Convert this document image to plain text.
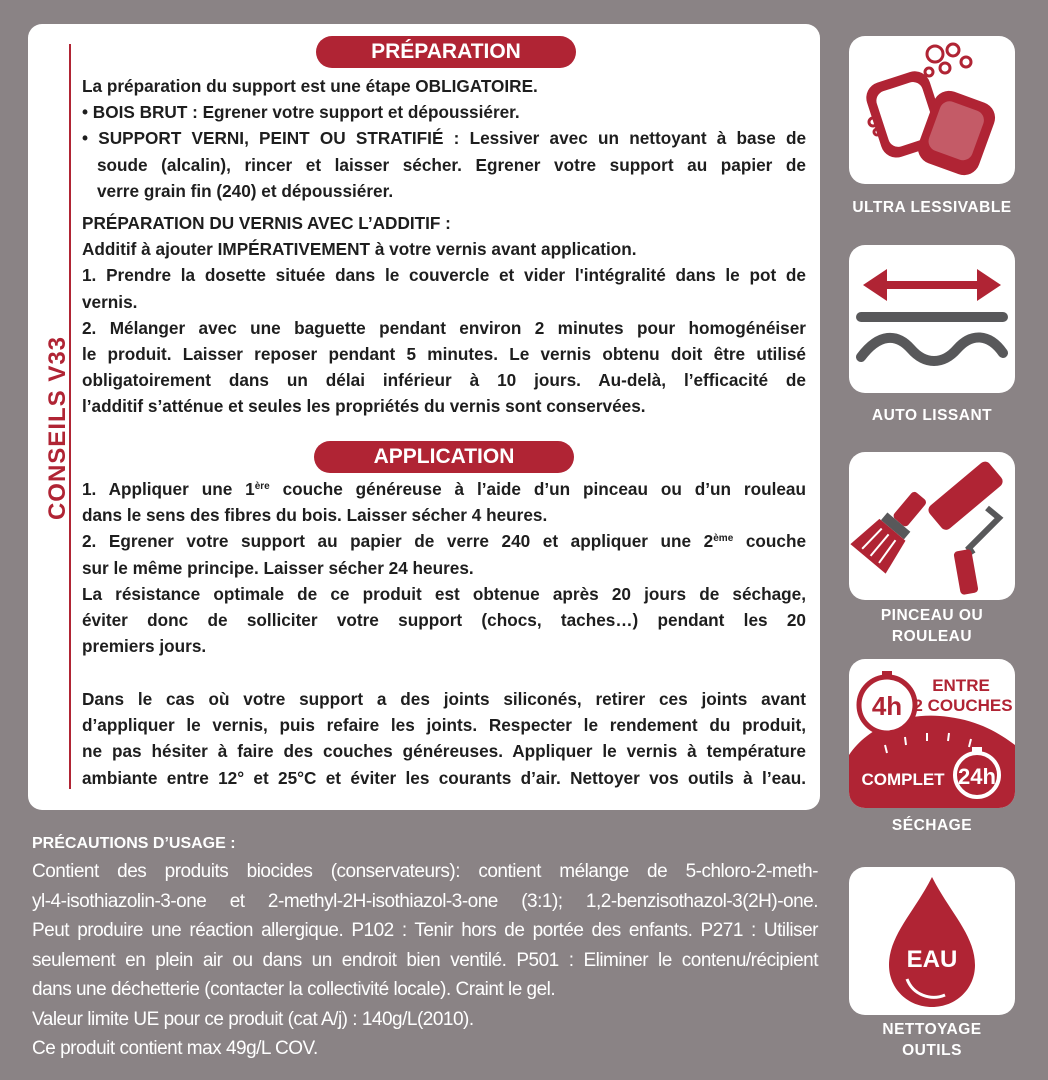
CONSEILS V33
PRÉPARATION
La préparation du support est une étape OBLIGATOIRE.
• BOIS BRUT : Egrener votre support et dépoussiérer.
• SUPPORT VERNI, PEINT OU STRATIFIÉ : Lessiver avec un nettoyant à base de
soude (alcalin), rincer et laisser sécher. Egrener votre support au papier de
verre grain fin (240) et dépoussiérer.
PRÉPARATION DU VERNIS AVEC L’ADDITIF :
Additif à ajouter IMPÉRATIVEMENT à votre vernis avant application.
1. Prendre la dosette située dans le couvercle et vider l'intégralité dans le pot de
vernis.
2. Mélanger avec une baguette pendant environ 2 minutes pour homogénéiser
le produit. Laisser reposer pendant 5 minutes. Le vernis obtenu doit être utilisé
obligatoirement dans un délai inférieur à 10 jours. Au-delà, l’efficacité de
l’additif s’atténue et seules les propriétés du vernis sont conservées.
APPLICATION
1. Appliquer une 1ère couche généreuse à l’aide d’un pinceau ou d’un rouleau
dans le sens des fibres du bois. Laisser sécher 4 heures.
2. Egrener votre support au papier de verre 240 et appliquer une 2ème couche
sur le même principe. Laisser sécher 24 heures.
La résistance optimale de ce produit est obtenue après 20 jours de séchage,
éviter donc de solliciter votre support (chocs, taches…) pendant les 20
premiers jours.
Dans le cas où votre support a des joints siliconés, retirer ces joints avant
d’appliquer le vernis, puis refaire les joints. Respecter le rendement du produit,
ne pas hésiter à faire des couches généreuses. Appliquer le vernis à température
ambiante entre 12° et 25°C et éviter les courants d’air. Nettoyer vos outils à l’eau.
PRÉCAUTIONS D’USAGE :
Contient des produits biocides (conservateurs): contient mélange de 5-chloro-2-meth-
yl-4-isothiazolin-3-one et 2-methyl-2H-isothiazol-3-one (3:1); 1,2-benzisothazol-3(2H)-one.
Peut produire une réaction allergique. P102 : Tenir hors de portée des enfants. P271 : Utiliser
seulement en plein air ou dans un endroit bien ventilé. P501 : Eliminer le contenu/récipient
dans une déchetterie (contacter la collectivité locale). Craint le gel.
Valeur limite UE pour ce produit (cat A/j) : 140g/L(2010).
Ce produit contient max 49g/L COV.
ULTRA LESSIVABLE
AUTO LISSANT
PINCEAU OU
ROULEAU
4h
ENTRE
2 COUCHES
COMPLET 24h
SÉCHAGE
EAU
NETTOYAGE
OUTILS
